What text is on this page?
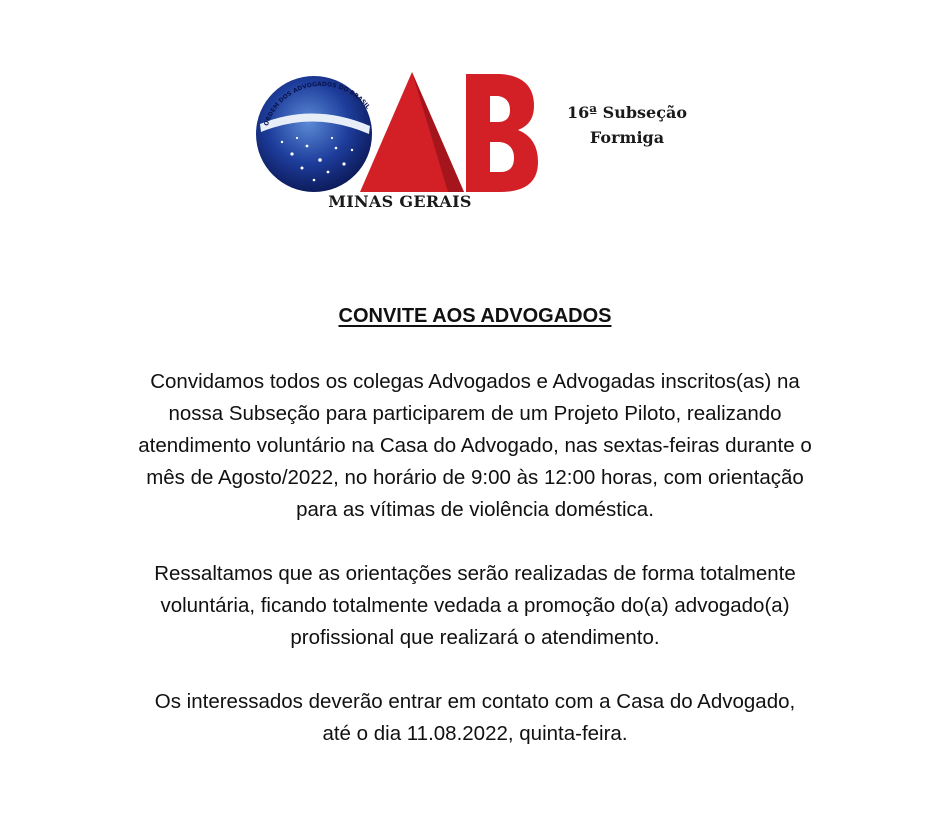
ORDEM DOS ADVOGADOS DO BRASIL
MINAS GERAIS
16ª Subseção
Formiga
CONVITE AOS ADVOGADOS
Convidamos todos os colegas Advogados e Advogadas inscritos(as) na
nossa Subseção para participarem de um Projeto Piloto, realizando
atendimento voluntário na Casa do Advogado, nas sextas-feiras durante o
mês de Agosto/2022, no horário de 9:00 às 12:00 horas, com orientação
para as vítimas de violência doméstica.
Ressaltamos que as orientações serão realizadas de forma totalmente
voluntária, ficando totalmente vedada a promoção do(a) advogado(a)
profissional que realizará o atendimento.
Os interessados deverão entrar em contato com a Casa do Advogado,
até o dia 11.08.2022, quinta-feira.
